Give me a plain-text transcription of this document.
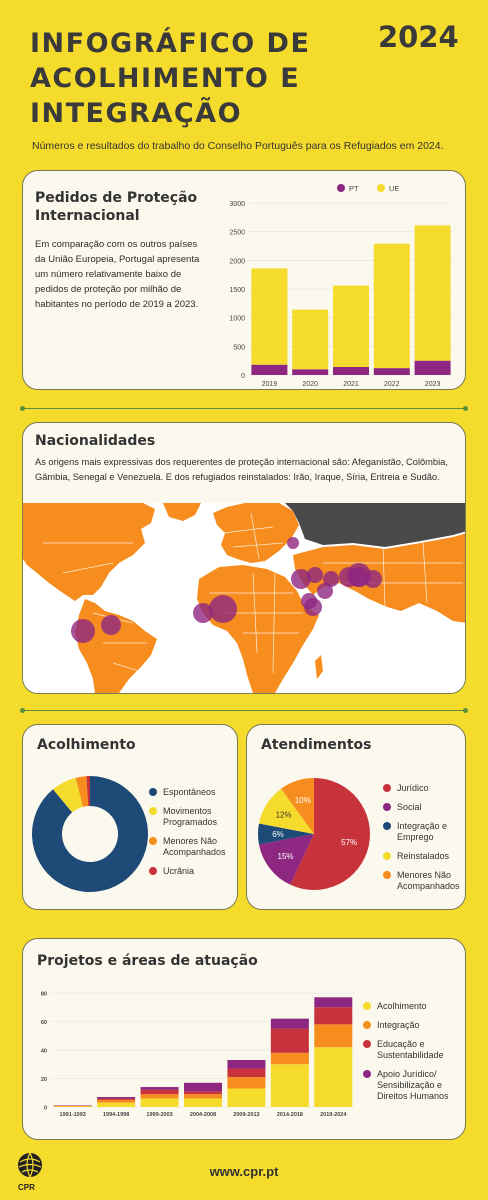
INFOGRÁFICO DE ACOLHIMENTO E INTEGRAÇÃO
2024
Números e resultados do trabalho do Conselho Português para os Refugiados em 2024.
Pedidos de Proteção Internacional
Em comparação com os outros países da União Europeia, Portugal apresenta um número relativamente baixo de pedidos de proteção por milhão de habitantes no período de 2019 a 2023.
PT	UE
0
500
1000
1500
2000
2500
3000
2019	2020	2021	2022	2023
Nacionalidades
As origens mais expressivas dos requerentes de proteção internacional são: Afeganistão, Colômbia, Gâmbia, Senegal e Venezuela. E dos refugiados reinstalados: Irão, Iraque, Síria, Eritreia e Sudão.
Acolhimento
Espontâneos
Movimentos Programados
Menores Não Acompanhados
Ucrânia
Atendimentos
57%
15%
6%
12%
10%
Jurídico
Social
Integração e Emprego
Reinstalados
Menores Não Acompanhados
Projetos e áreas de atuação
0
20
40
60
80
1991-1993	1994-1998	1999-2003	2004-2008	2009-2013	2014-2018	2019-2024
Acolhimento
Integração
Educação e Sustentabilidade
Apoio Jurídico/ Sensibilização e Direitos Humanos
CPR
www.cpr.pt
